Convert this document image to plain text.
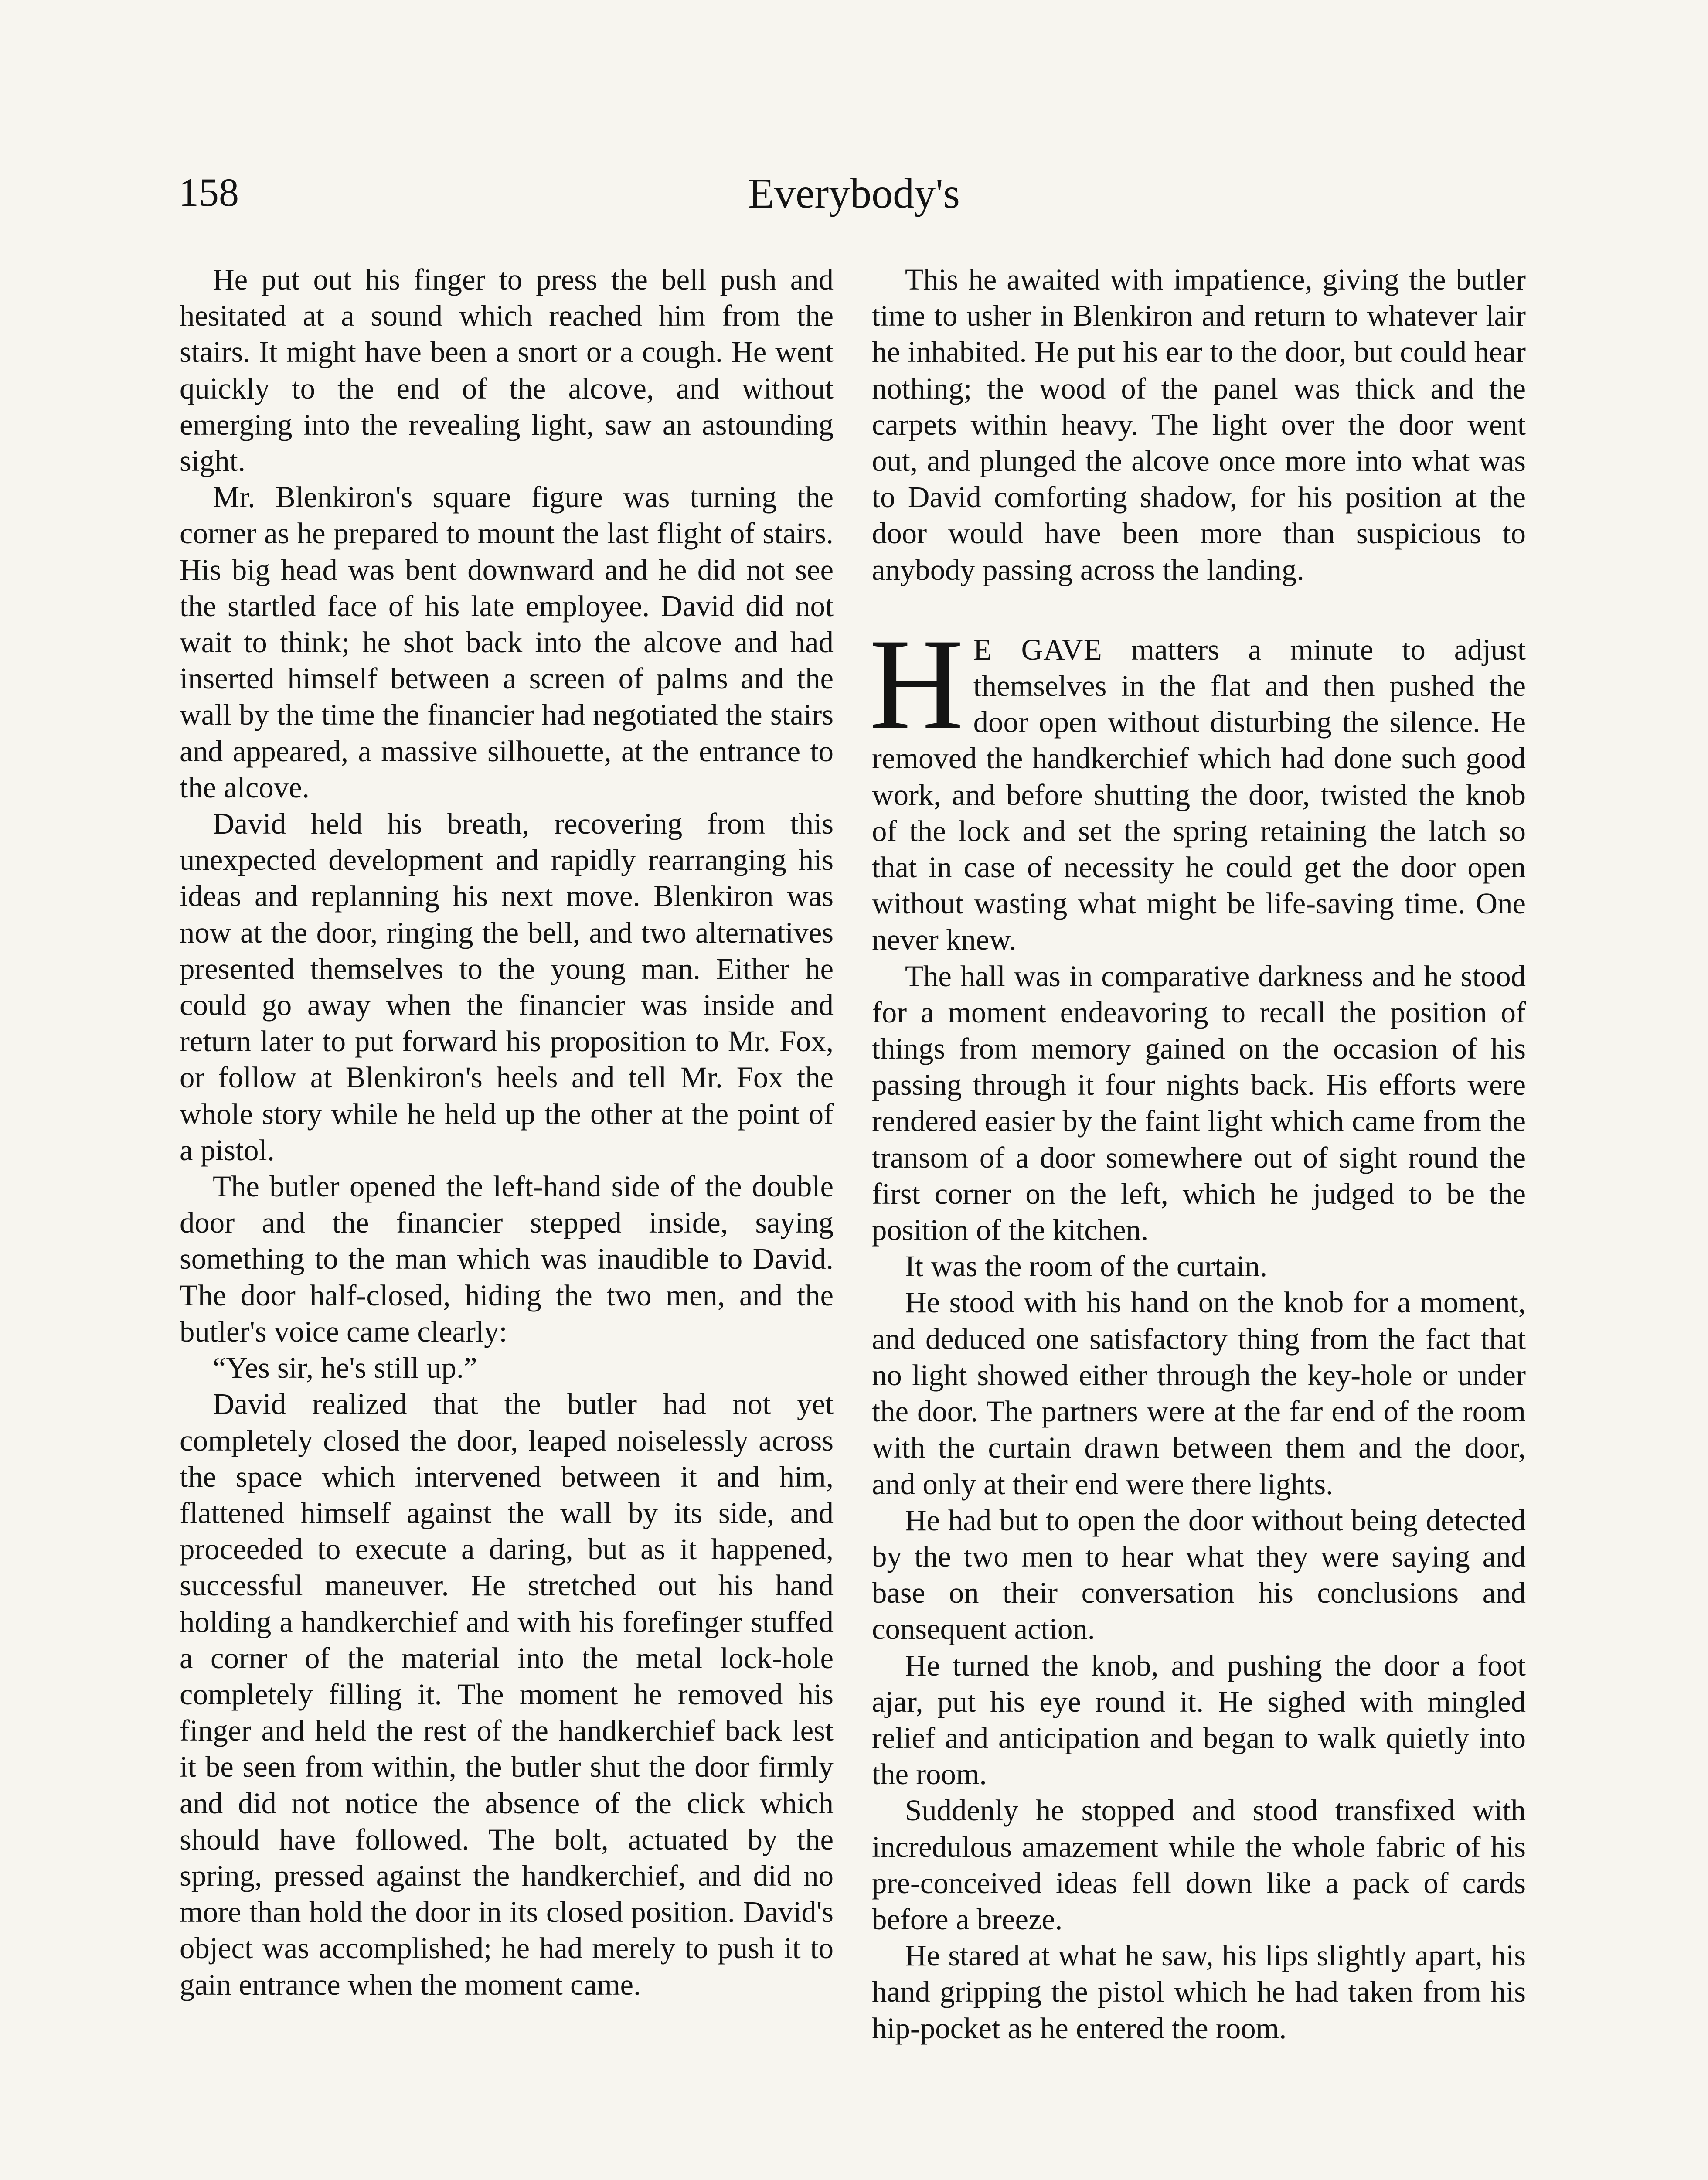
158	Everybody's

He put out his finger to press the bell push and hesitated at a sound which reached him from the stairs. It might have been a snort or a cough. He went quickly to the end of the alcove, and without emerging into the revealing light, saw an astounding sight.

Mr. Blenkiron's square figure was turning the corner as he prepared to mount the last flight of stairs. His big head was bent downward and he did not see the startled face of his late employee. David did not wait to think; he shot back into the alcove and had inserted himself between a screen of palms and the wall by the time the financier had negotiated the stairs and appeared, a massive silhouette, at the entrance to the alcove.

David held his breath, recovering from this unexpected development and rapidly rearranging his ideas and replanning his next move. Blenkiron was now at the door, ringing the bell, and two alternatives presented themselves to the young man. Either he could go away when the financier was inside and return later to put forward his proposition to Mr. Fox, or follow at Blenkiron's heels and tell Mr. Fox the whole story while he held up the other at the point of a pistol.

The butler opened the left-hand side of the double door and the financier stepped inside, saying something to the man which was inaudible to David. The door half-closed, hiding the two men, and the butler's voice came clearly:

“Yes sir, he's still up.”

David realized that the butler had not yet completely closed the door, leaped noiselessly across the space which intervened between it and him, flattened himself against the wall by its side, and proceeded to execute a daring, but as it happened, successful maneuver. He stretched out his hand holding a handkerchief and with his forefinger stuffed a corner of the material into the metal lock-hole completely filling it. The moment he removed his finger and held the rest of the handkerchief back lest it be seen from within, the butler shut the door firmly and did not notice the absence of the click which should have followed. The bolt, actuated by the spring, pressed against the handkerchief, and did no more than hold the door in its closed position. David's object was accomplished; he had merely to push it to gain entrance when the moment came.

This he awaited with impatience, giving the butler time to usher in Blenkiron and return to whatever lair he inhabited. He put his ear to the door, but could hear nothing; the wood of the panel was thick and the carpets within heavy. The light over the door went out, and plunged the alcove once more into what was to David comforting shadow, for his position at the door would have been more than suspicious to anybody passing across the landing.

H E GAVE matters a minute to adjust themselves in the flat and then pushed the door open without disturbing the silence. He removed the handkerchief which had done such good work, and before shutting the door, twisted the knob of the lock and set the spring retaining the latch so that in case of necessity he could get the door open without wasting what might be life-saving time. One never knew.

The hall was in comparative darkness and he stood for a moment endeavoring to recall the position of things from memory gained on the occasion of his passing through it four nights back. His efforts were rendered easier by the faint light which came from the transom of a door somewhere out of sight round the first corner on the left, which he judged to be the position of the kitchen.

It was the room of the curtain.

He stood with his hand on the knob for a moment, and deduced one satisfactory thing from the fact that no light showed either through the key-hole or under the door. The partners were at the far end of the room with the curtain drawn between them and the door, and only at their end were there lights.

He had but to open the door without being detected by the two men to hear what they were saying and base on their conversation his conclusions and consequent action.

He turned the knob, and pushing the door a foot ajar, put his eye round it. He sighed with mingled relief and anticipation and began to walk quietly into the room.

Suddenly he stopped and stood transfixed with incredulous amazement while the whole fabric of his pre-conceived ideas fell down like a pack of cards before a breeze.

He stared at what he saw, his lips slightly apart, his hand gripping the pistol which he had taken from his hip-pocket as he entered the room.
